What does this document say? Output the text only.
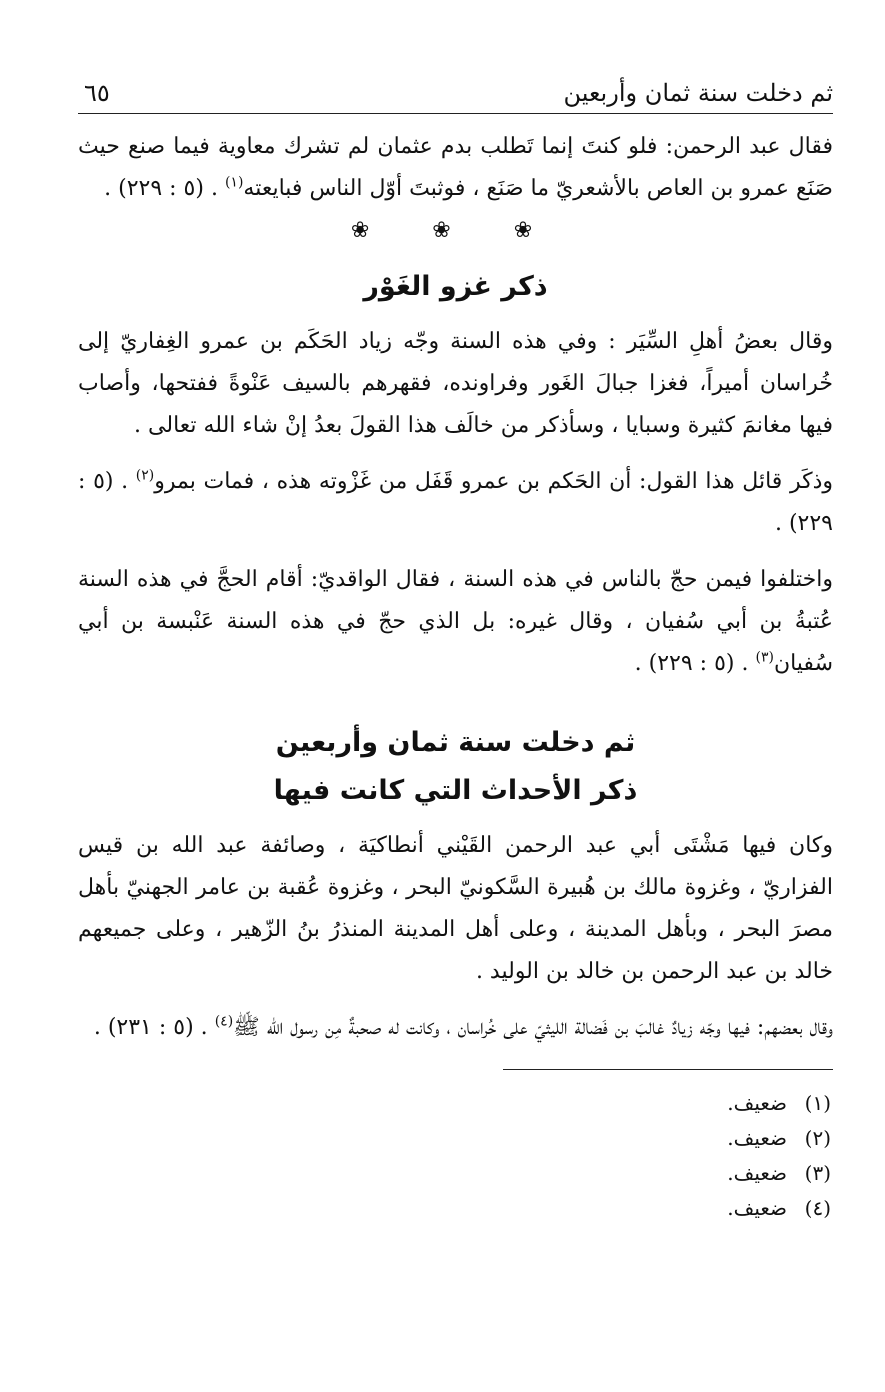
ثم دخلت سنة ثمان وأربعين
٦٥

فقال عبد الرحمن: فلو كنتَ إنما تَطلب بدم عثمان لم تشرك معاوية فيما صنع حيث صَنَع عمرو بن العاص بالأشعريّ ما صَنَع ، فوثبتَ أوّل الناس فبايعته$^{(١)}$ . (٥ : ٢٢٩) .

❀ ❀ ❀
ذكر غزو الغَوْر

وقال بعضُ أهلِ السِّيَر : وفي هذه السنة وجّه زياد الحَكَم بن عمرو الغِفاريّ إلى خُراسان أميراً، فغزا جبالَ الغَور وفراونده، فقهرهم بالسيف عَنْوةً ففتحها، وأصاب فيها مغانمَ كثيرة وسبايا ، وسأذكر من خالَف هذا القولَ بعدُ إنْ شاء الله تعالى .

وذكَر قائل هذا القول: أن الحَكم بن عمرو قَفَل من غَزْوته هذه ، فمات بمرو$^{(٢)}$ . (٥ : ٢٢٩) .

واختلفوا فيمن حجّ بالناس في هذه السنة ، فقال الواقديّ: أقام الحجَّ في هذه السنة عُتبةُ بن أبي سُفيان ، وقال غيره: بل الذي حجّ في هذه السنة عَنْبسة بن أبي سُفيان$^{(٣)}$ . (٥ : ٢٢٩) .

ثم دخلت سنة ثمان وأربعين
ذكر الأحداث التي كانت فيها

وكان فيها مَشْتَى أبي عبد الرحمن القَيْني أنطاكيَة ، وصائفة عبد الله بن قيس الفزاريّ ، وغزوة مالك بن هُبيرة السَّكونيّ البحر ، وغزوة عُقبة بن عامر الجهنيّ بأهل مصرَ البحر ، وبأهل المدينة ، وعلى أهل المدينة المنذرُ بنُ الزّهير ، وعلى جميعهم خالد بن عبد الرحمن بن خالد بن الوليد .

وقال بعضهم: فيها وجّه زيادٌ غالبَ بن فَضالة الليثيّ على خُراسان ، وكانت له صحبةٌ مِن رسول الله ﷺ$^{(٤)}$ . (٥ : ٢٣١) .

(١)ضعيف.
(٢)ضعيف.
(٣)ضعيف.
(٤)ضعيف.
